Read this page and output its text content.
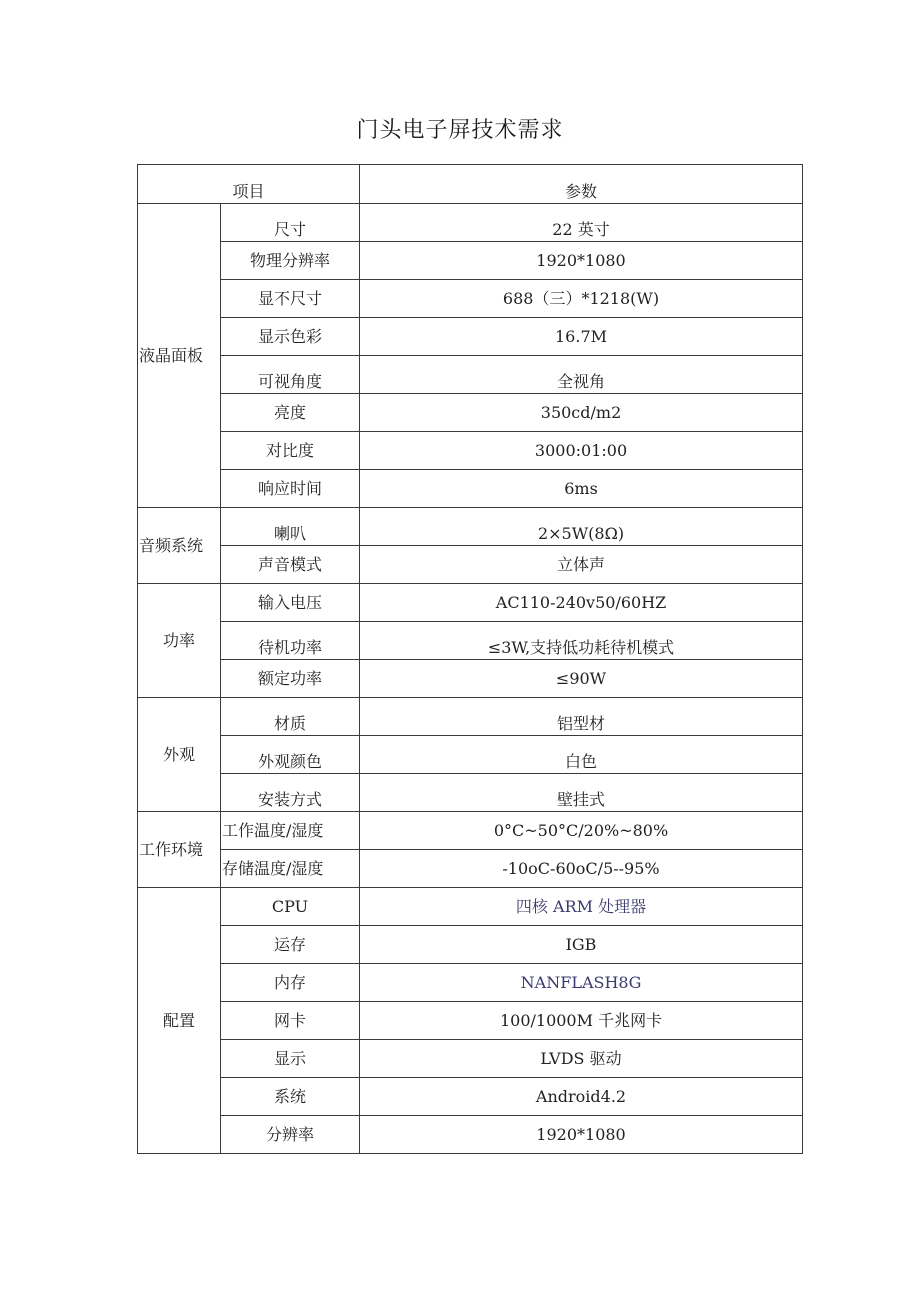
门头电子屏技术需求
项目		参数
液晶面板	尺寸	22 英寸
	物理分辨率	1920*1080
	显不尺寸	688（三）*1218(W)
	显示色彩	16.7M
	可视角度	全视角
	亮度	350cd∕m2
	对比度	3000:01:00
	响应时间	6ms
音频系统	喇叭	2×5W(8Ω)
	声音模式	立体声
功率	输入电压	AC110-240v50/60HZ
	待机功率	≤3W,支持低功耗待机模式
	额定功率	≤90W
外观	材质	铝型材
	外观颜色	白色
	安装方式	壁挂式
工作环境	工作温度/湿度	0°C~50°C∕20%~80%
	存储温度/湿度	-10oC-60oC∕5--95%
配置	CPU	四核 ARM 处理器
	运存	IGB
	内存	NANFLASH8G
	网卡	100/1000M 千兆网卡
	显示	LVDS 驱动
	系统	Android4.2
	分辨率	1920*1080
